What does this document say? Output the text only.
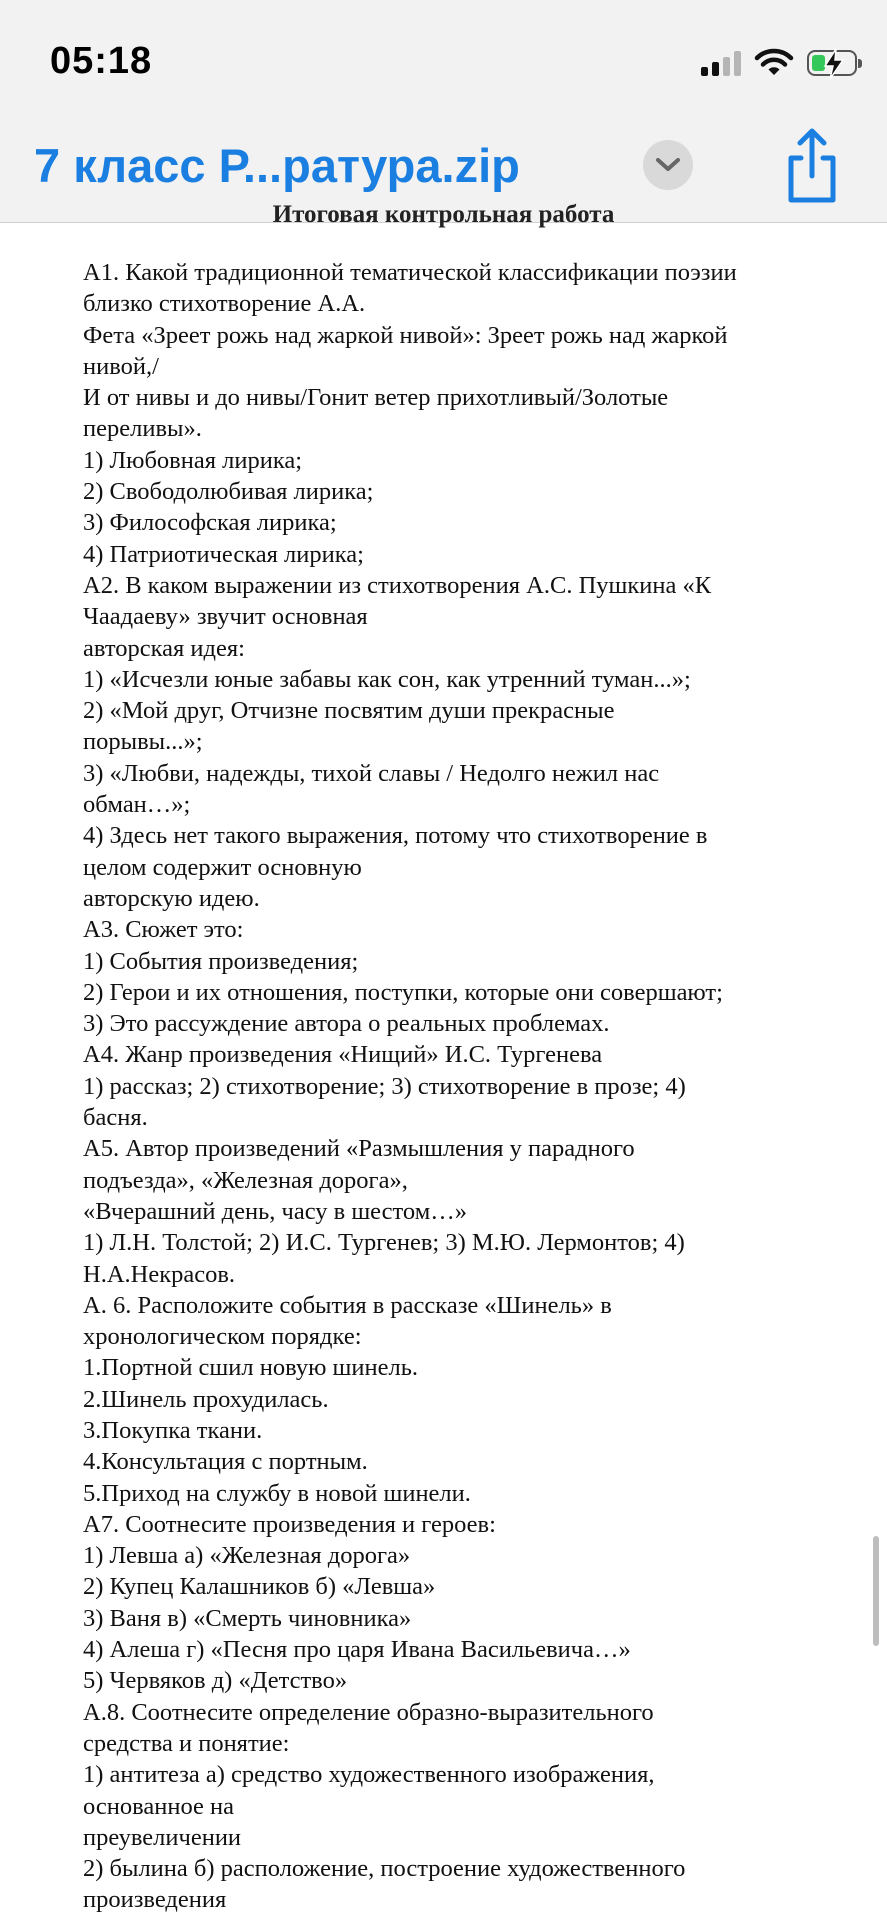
05:18
7 класс Р...ратура.zip
Итоговая контрольная работа
А1. Какой традиционной тематической классификации поэзии
близко стихотворение А.А.
Фета «Зреет рожь над жаркой нивой»: Зреет рожь над жаркой
нивой,/
И от нивы и до нивы/Гонит ветер прихотливый/Золотые
переливы».
1) Любовная лирика;
2) Свободолюбивая лирика;
3) Философская лирика;
4) Патриотическая лирика;
А2. В каком выражении из стихотворения А.С. Пушкина «К
Чаадаеву» звучит основная
авторская идея:
1) «Исчезли юные забавы как сон, как утренний туман...»;
2) «Мой друг, Отчизне посвятим души прекрасные
порывы...»;
3) «Любви, надежды, тихой славы / Недолго нежил нас
обман…»;
4) Здесь нет такого выражения, потому что стихотворение в
целом содержит основную
авторскую идею.
А3. Сюжет это:
1) События произведения;
2) Герои и их отношения, поступки, которые они совершают;
3) Это рассуждение автора о реальных проблемах.
А4. Жанр произведения «Нищий» И.С. Тургенева
1) рассказ; 2) стихотворение; 3) стихотворение в прозе; 4)
басня.
А5. Автор произведений «Размышления у парадного
подъезда», «Железная дорога»,
«Вчерашний день, часу в шестом…»
1) Л.Н. Толстой; 2) И.С. Тургенев; 3) М.Ю. Лермонтов; 4)
Н.А.Некрасов.
А. 6. Расположите события в рассказе «Шинель» в
хронологическом порядке:
1.Портной сшил новую шинель.
2.Шинель прохудилась.
3.Покупка ткани.
4.Консультация с портным.
5.Приход на службу в новой шинели.
А7. Соотнесите произведения и героев:
1) Левша а) «Железная дорога»
2) Купец Калашников б) «Левша»
3) Ваня в) «Смерть чиновника»
4) Алеша г) «Песня про царя Ивана Васильевича…»
5) Червяков д) «Детство»
А.8. Соотнесите определение образно-выразительного
средства и понятие:
1) антитеза а) средство художественного изображения,
основанное на
преувеличении
2) былина б) расположение, построение художественного
произведения
